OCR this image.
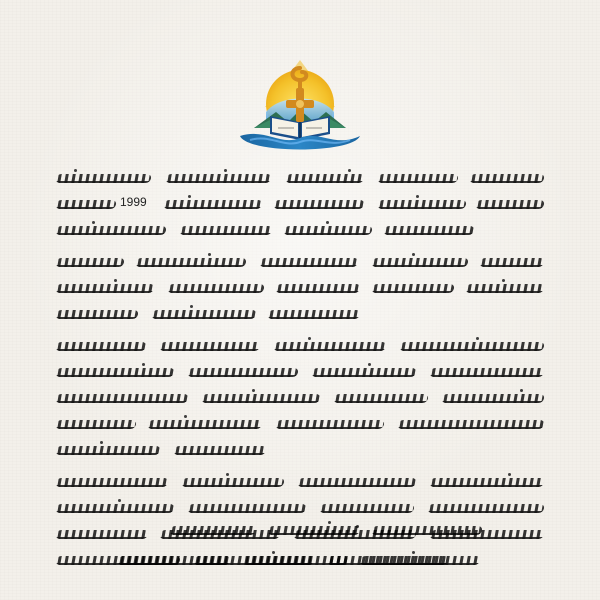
1999
